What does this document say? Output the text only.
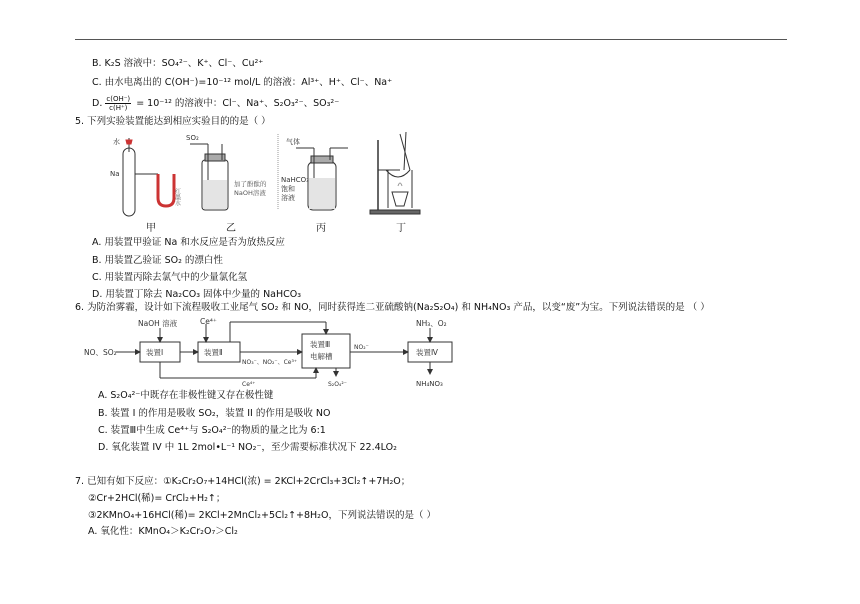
B. K₂S 溶液中：SO₄²⁻、K⁺、Cl⁻、Cu²⁺
C. 由水电离出的 C(OH⁻)=10⁻¹² mol/L 的溶液：Al³⁺、H⁺、Cl⁻、Na⁺
D. $\frac{c(OH^-)}{c(H^+)} = 10^{-12}$ 的溶液中：Cl⁻、Na⁺、S₂O₃²⁻、SO₃²⁻
5. 下列实验装置能达到相应实验目的的是（ ）
水
Na
红墨水
SO₂
加了酚酞的
NaOH溶液
气体
NaHCO₃
饱和
溶液
甲	乙	丙	丁
A. 用装置甲验证 Na 和水反应是否为放热反应
B. 用装置乙验证 SO₂ 的漂白性
C. 用装置丙除去氯气中的少量氯化氢
D. 用装置丁除去 Na₂CO₃ 固体中少量的 NaHCO₃
6. 为防治雾霾，设计如下流程吸收工业尾气 SO₂ 和 NO，同时获得连二亚硫酸钠(Na₂S₂O₄) 和 NH₄NO₃ 产品，以变“废”为宝。下列说法错误的是 （ ）
NaOH 溶液	Ce⁴⁺	NH₃、O₂
NO、SO₂	装置Ⅰ	装置Ⅱ
装置Ⅲ
电解槽	装置Ⅳ
NO₃⁻、NO₂⁻、Ce³⁺
NO₂⁻
S₂O₄²⁻
Ce⁴⁺	NH₄NO₃
A. S₂O₄²⁻中既存在非极性键又存在极性键
B. 装置 I 的作用是吸收 SO₂，装置 II 的作用是吸收 NO
C. 装置Ⅲ中生成 Ce⁴⁺与 S₂O₄²⁻的物质的量之比为 6:1
D. 氧化装置 IV 中 1L 2mol•L⁻¹ NO₂⁻，至少需要标准状况下 22.4LO₂
7. 已知有如下反应：①K₂Cr₂O₇+14HCl(浓) = 2KCl+2CrCl₃+3Cl₂↑+7H₂O；
②Cr+2HCl(稀)= CrCl₂+H₂↑；
③2KMnO₄+16HCl(稀)= 2KCl+2MnCl₂+5Cl₂↑+8H₂O，下列说法错误的是（ ）
A. 氧化性：KMnO₄＞K₂Cr₂O₇＞Cl₂
